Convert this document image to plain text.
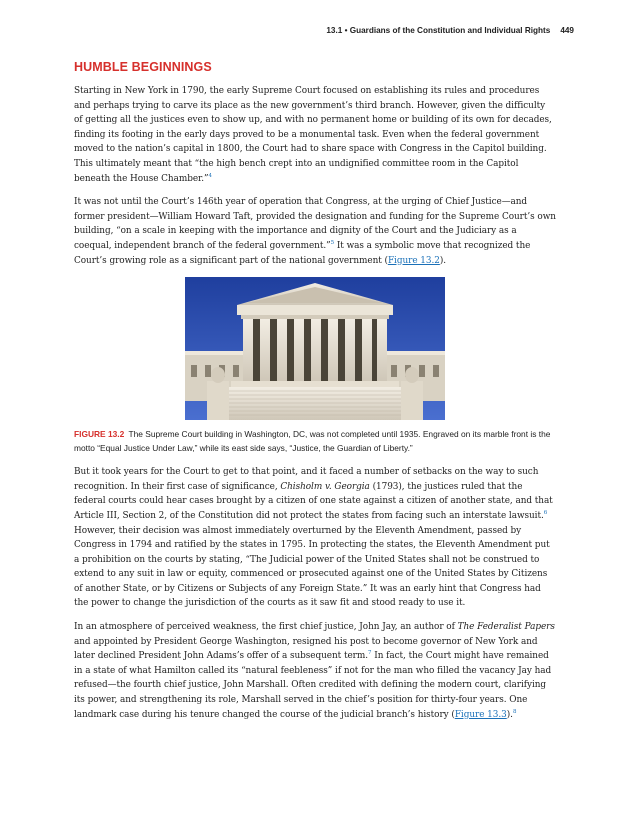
13.1 • Guardians of the Constitution and Individual Rights 449
HUMBLE BEGINNINGS

Starting in New York in 1790, the early Supreme Court focused on establishing its rules and procedures and perhaps trying to carve its place as the new government’s third branch. However, given the difficulty of getting all the justices even to show up, and with no permanent home or building of its own for decades, finding its footing in the early days proved to be a monumental task. Even when the federal government moved to the nation’s capital in 1800, the Court had to share space with Congress in the Capitol building. This ultimately meant that “the high bench crept into an undignified committee room in the Capitol beneath the House Chamber.”$^4$

It was not until the Court’s 146th year of operation that Congress, at the urging of Chief Justice—and former president—William Howard Taft, provided the designation and funding for the Supreme Court’s own building, “on a scale in keeping with the importance and dignity of the Court and the Judiciary as a coequal, independent branch of the federal government.”$^5$ It was a symbolic move that recognized the Court’s growing role as a significant part of the national government (Figure 13.2).

FIGURE 13.2 The Supreme Court building in Washington, DC, was not completed until 1935. Engraved on its marble front is the motto “Equal Justice Under Law,” while its east side says, “Justice, the Guardian of Liberty.”

But it took years for the Court to get to that point, and it faced a number of setbacks on the way to such recognition. In their first case of significance, Chisholm v. Georgia (1793), the justices ruled that the federal courts could hear cases brought by a citizen of one state against a citizen of another state, and that Article III, Section 2, of the Constitution did not protect the states from facing such an interstate lawsuit.$^6$ However, their decision was almost immediately overturned by the Eleventh Amendment, passed by Congress in 1794 and ratified by the states in 1795. In protecting the states, the Eleventh Amendment put a prohibition on the courts by stating, “The Judicial power of the United States shall not be construed to extend to any suit in law or equity, commenced or prosecuted against one of the United States by Citizens of another State, or by Citizens or Subjects of any Foreign State.” It was an early hint that Congress had the power to change the jurisdiction of the courts as it saw fit and stood ready to use it.

In an atmosphere of perceived weakness, the first chief justice, John Jay, an author of The Federalist Papers and appointed by President George Washington, resigned his post to become governor of New York and later declined President John Adams’s offer of a subsequent term.$^7$ In fact, the Court might have remained in a state of what Hamilton called its “natural feebleness” if not for the man who filled the vacancy Jay had refused—the fourth chief justice, John Marshall. Often credited with defining the modern court, clarifying its power, and strengthening its role, Marshall served in the chief’s position for thirty-four years. One landmark case during his tenure changed the course of the judicial branch’s history (Figure 13.3).$^8$
